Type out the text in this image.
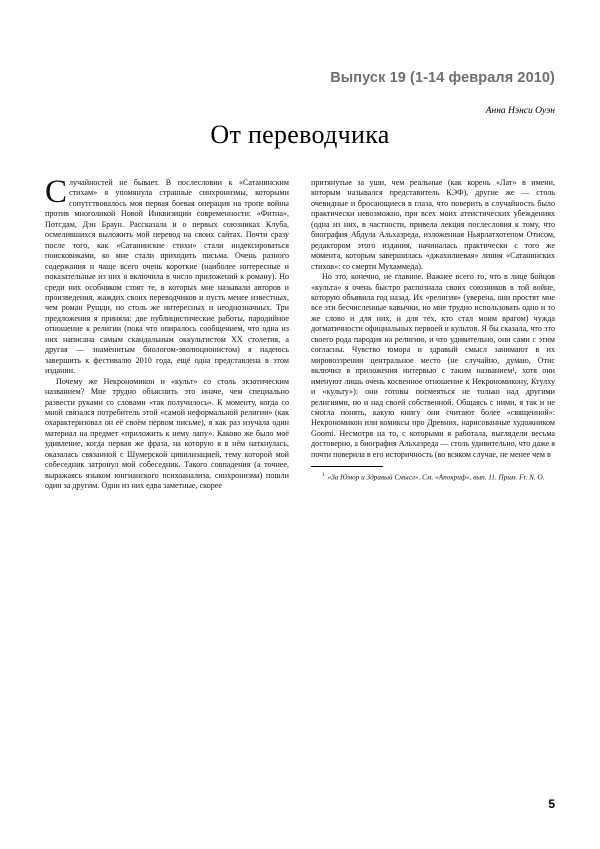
Выпуск 19 (1-14 февраля 2010)
Анна Нэнси Оуэн
От переводчика

Случайностей не бывает. В послесловии к «Сатанинским стихам» я упомянула странные синхронизмы, которыми сопутствовалось моя первая боевая операция на тропе войны против многоликой Новой Инквизиции современности: «Фитна», Потсдам, Дэн Браун. Рассказала и о первых союзниках Клуба, осмелившихся выложить мой перевод на своих сайтах. Почти сразу после того, как «Сатанинские стихи» стали индексироваться поисковиками, ко мне стали приходить письма. Очень разного содержания и чаще всего очень короткие (наиболее интересные и показательные из них я включила в число приложений к роману). Но среди них особняком стоят те, в которых мне называли авторов и произведения, жаждих своих переводчиков и пусть менее известных, чем роман Рушди, но столь же интересных и неоднозначных. Три предложения я приняла: две публицистические работы, пародийное отношение к религии (пока что опиралось сообщением, что одна из них написана самым скандальным оккультистом XX столетия, а другая — знаменитым биологом-эволюционистом) я надеюсь завершить к фестивалю 2010 года, ещё одна представлена в этом издании.

Почему же Некрономикон и «культ» со столь экзотическим названием? Мне трудно объяснить это иначе, чем специально развести руками со словами «так получилось». К моменту, когда со мной связался потребитель этой «самой неформальной религии» (как охарактеризовал он её своём первом письме), я как раз изучала один материал на предмет «приложить к нему лапу». Каково же было моё удивление, когда первая же фраза, на которую я в нём наткнулась, оказалась связанной с Шумерской цивилизацией, тему которой мой собеседник затронул мой собеседник. Такого совпадения (а точнее, выражаясь языком юнгианского психоанализа, синхронизма) пошли один за другим. Одни из них едва заметные, скорее

притянутые за уши, чем реальные (как корень «Лат» в имени, которым назывался представитель КЭФ), другие же — столь очевидные и бросающиеся в глаза, что поверить в случайность было практически невозможно, при всех моих атеистических убеждениях (одна из них, в частности, привела лекция послесловия к тому, что биография Абдула Альхазреда, изложенная Ньярлатхотепом Отисом, редактором этого издания, начиналась практически с того же момента, которым завершилась «джахилиевая» линия «Сатанинских стихов»: со смерти Мухаммеда).

Но это, конечно, не главное. Важнее всего то, что в лице бойцов «культа» я очень быстро распознала своих союзников в той войне, которую объявила год назад. Их «религия» (уверена, они простят мне все эти бесчисленные кавычки, но мне трудно использовать одно и то же слово и для них, и для тех, кто стал моим врагом) чужда догматичности официальных первоей и культов. Я бы сказала, что это своего рода пародия на религию, и что удивительно, они сами с этим согласны. Чувство юмора и здравый смысл занимают в их мировоззрении центральное место (не случайно, думаю, Отис включил в приложения интервью с таким названием¹, хотя они именуют лишь очень косвенное отношение к Некрономикону, Ктулху и «культу»): они готовы посмеяться не только над другими религиями, но и над своей собственной. Общаясь с ними, я так и не смогла понять, какую книгу они считают более «священной»: Некрономикон или комиксы про Древних, нарисованные художником Goomi. Несмотря на то, с которыми я работала, выглядели весьма достоверно, а биография Альхазреда — столь удивительно, что даже я почти поверила в его историчность (во всяком случае, не менее чем в

$^1$ «За Юмор и Здравый Смысл». См. «Апокриф», вып. 11. Прим. Fr. N. O.

5
